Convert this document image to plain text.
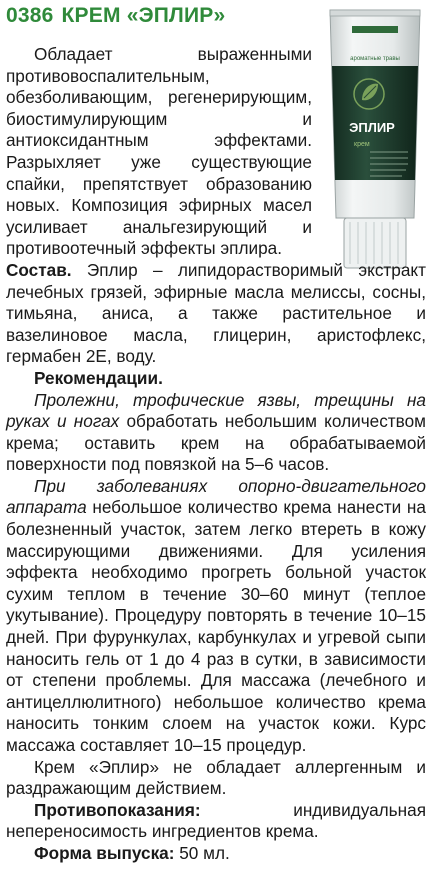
0386 КРЕМ «ЭПЛИР»
ароматные травы
ЭПЛИР
крем

Обладает выраженными противовоспалительным, обезболивающим, регенерирующим, биостимулирующим и антиоксидантным эффектами. Разрыхляет уже существующие спайки, препятствует образованию новых. Композиция эфирных масел усиливает анальгезирующий и противоотечный эффекты эплира.

Состав. Эплир – липидорастворимый экстракт лечебных грязей, эфирные масла мелиссы, сосны, тимьяна, аниса, а также растительное и вазелиновое масла, глицерин, аристофлекс, гермабен 2Е, воду.

Рекомендации.

Пролежни, трофические язвы, трещины на руках и ногах обработать небольшим количеством крема; оставить крем на обрабатываемой поверхности под повязкой на 5–6 часов.

При заболеваниях опорно-двигательного аппарата небольшое количество крема нанести на болезненный участок, затем легко втереть в кожу массирующими движениями. Для усиления эффекта необходимо прогреть больной участок сухим теплом в течение 30–60 минут (теплое укутывание). Процедуру повторять в течение 10–15 дней. При фурункулах, карбункулах и угревой сыпи наносить гель от 1 до 4 раз в сутки, в зависимости от степени проблемы. Для массажа (лечебного и антицеллюлитного) небольшое количество крема наносить тонким слоем на участок кожи. Курс массажа составляет 10–15 процедур.

Крем «Эплир» не обладает аллергенным и раздражающим действием.

Противопоказания: индивидуальная непереносимость ингредиентов крема.

Форма выпуска: 50 мл.
